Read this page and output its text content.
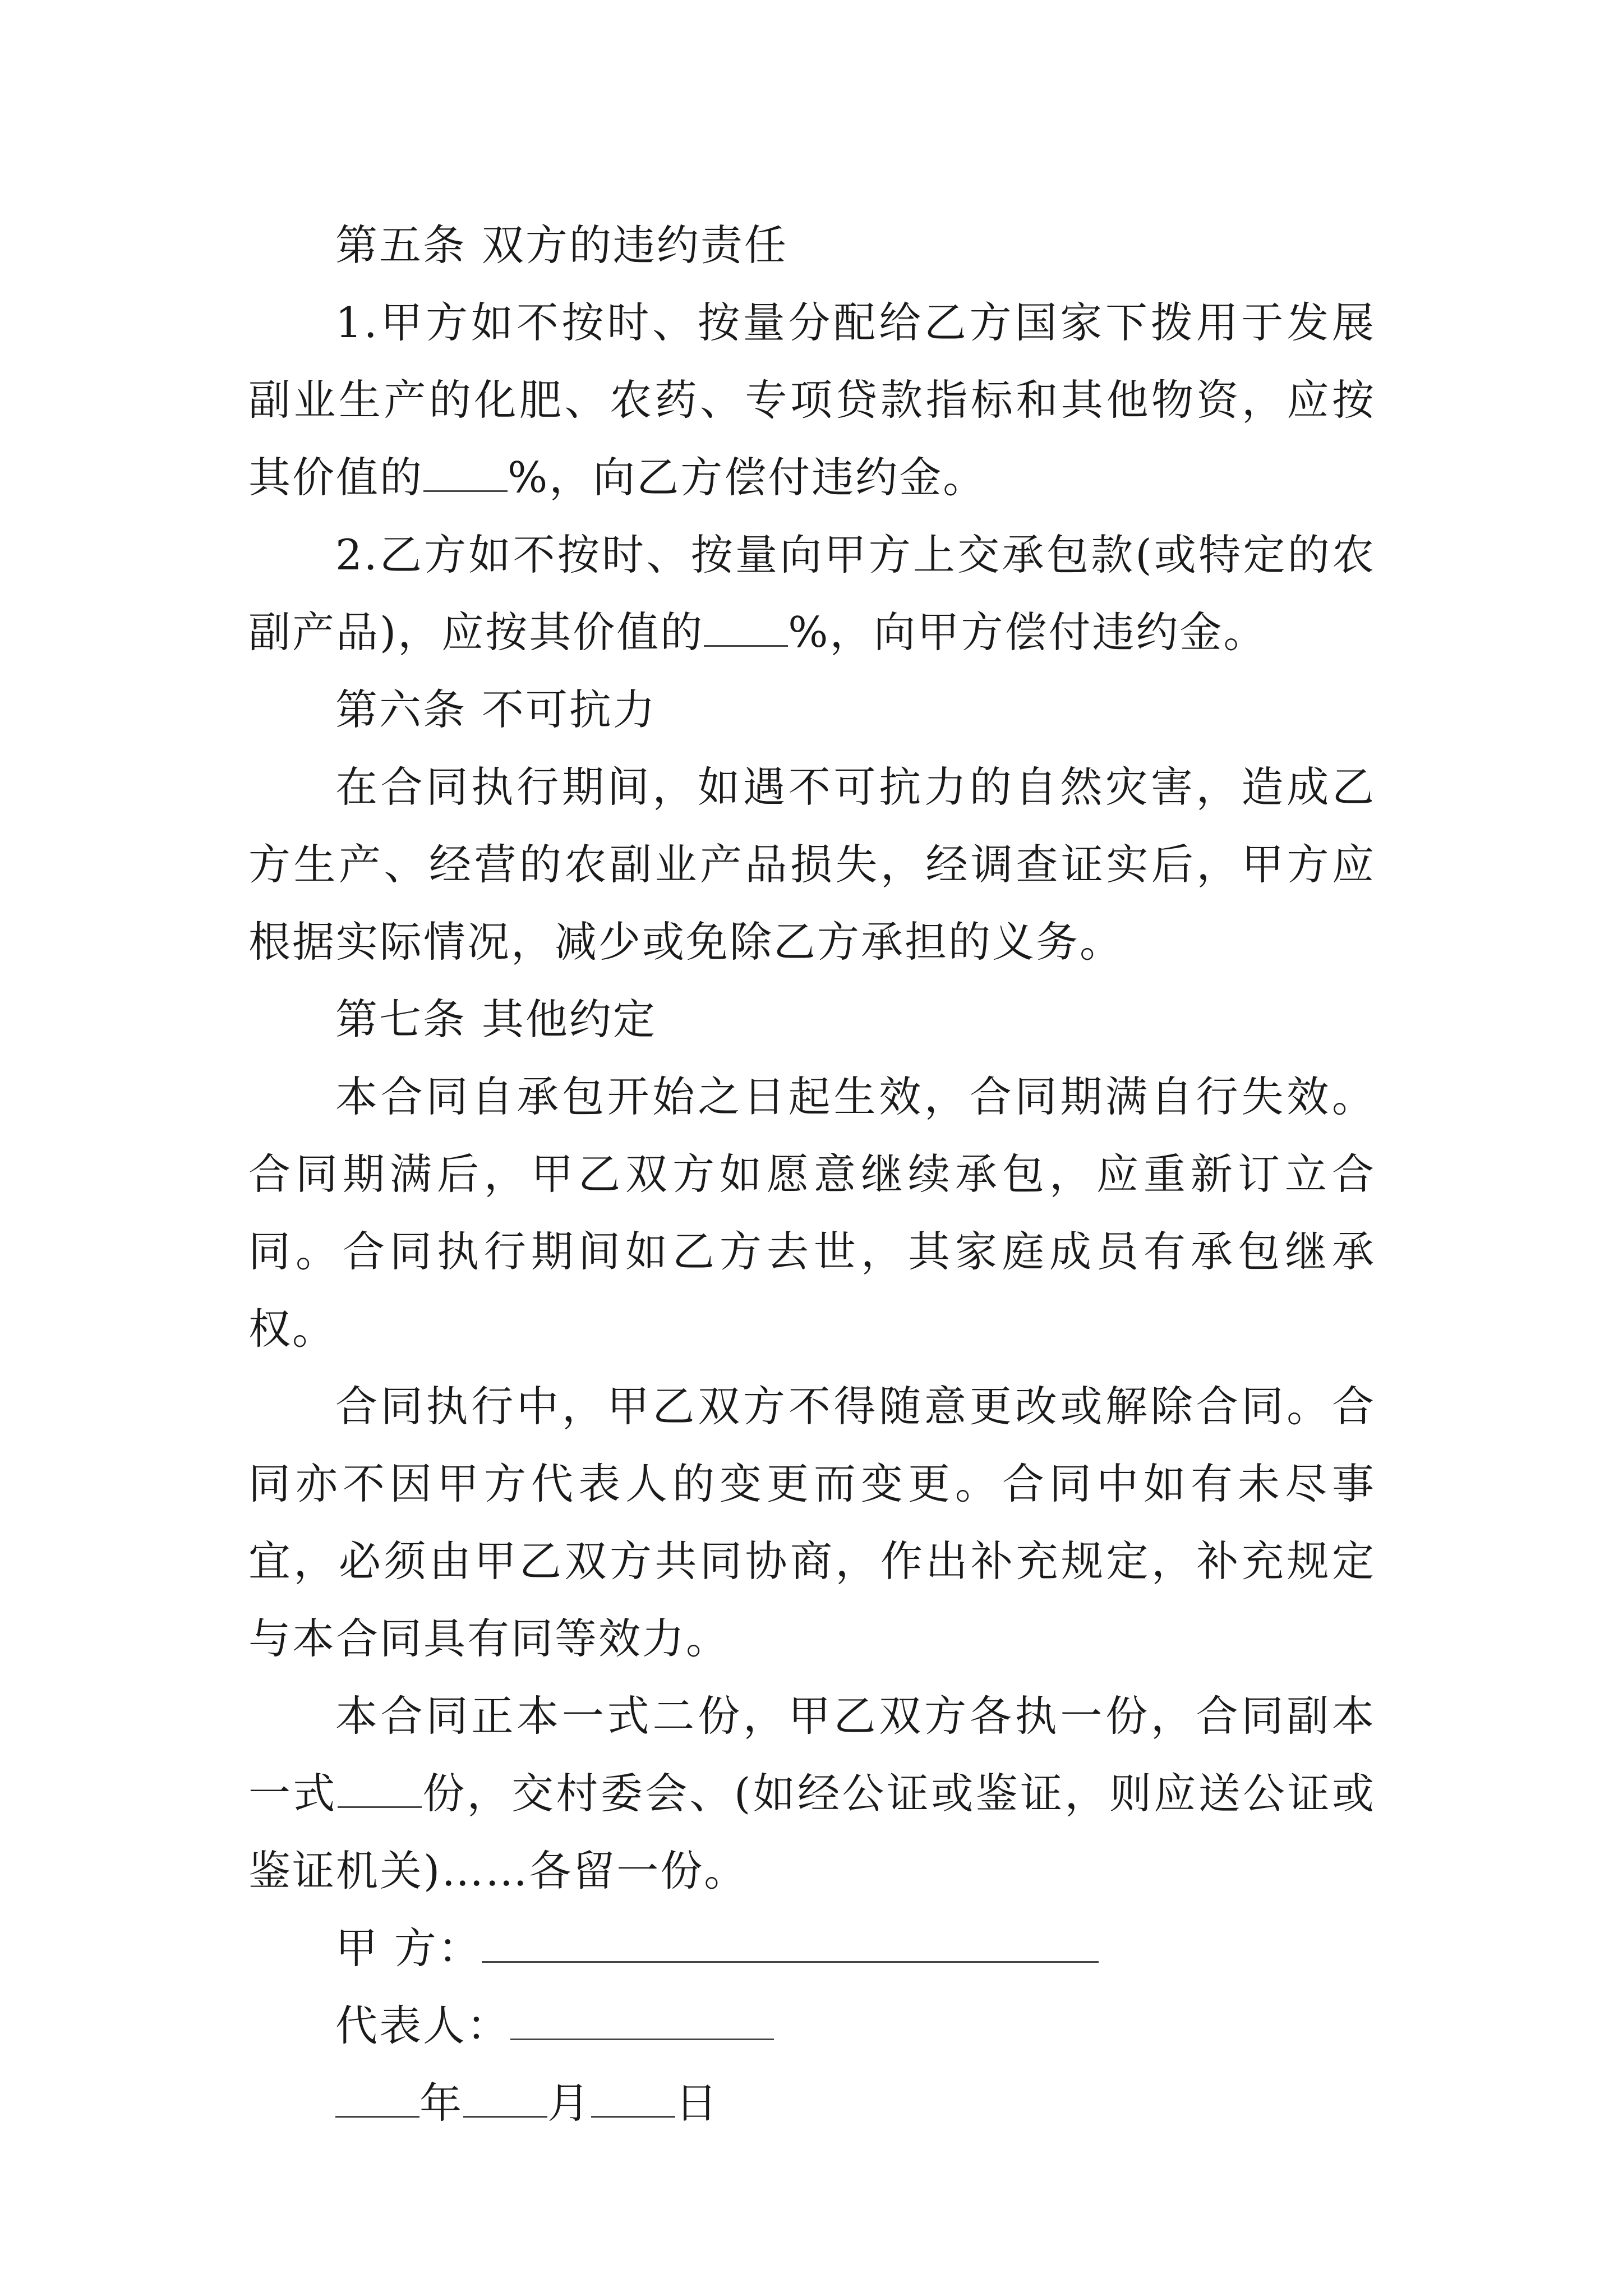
第五条 双方的违约责任

1.甲方如不按时、按量分配给乙方国家下拨用于发展副业生产的化肥、农药、专项贷款指标和其他物资，应按其价值的 %，向乙方偿付违约金。

2.乙方如不按时、按量向甲方上交承包款(或特定的农副产品)，应按其价值的 %，向甲方偿付违约金。

第六条 不可抗力

在合同执行期间，如遇不可抗力的自然灾害，造成乙方生产、经营的农副业产品损失，经调查证实后，甲方应根据实际情况，减少或免除乙方承担的义务。

第七条 其他约定

本合同自承包开始之日起生效，合同期满自行失效。合同期满后，甲乙双方如愿意继续承包，应重新订立合同。合同执行期间如乙方去世，其家庭成员有承包继承权。

合同执行中，甲乙双方不得随意更改或解除合同。合同亦不因甲方代表人的变更而变更。合同中如有未尽事宜，必须由甲乙双方共同协商，作出补充规定，补充规定与本合同具有同等效力。

本合同正本一式二份，甲乙双方各执一份，合同副本一式 份，交村委会、(如经公证或鉴证，则应送公证或鉴证机关)……各留一份。

甲 方：

代表人：

年 月 日
